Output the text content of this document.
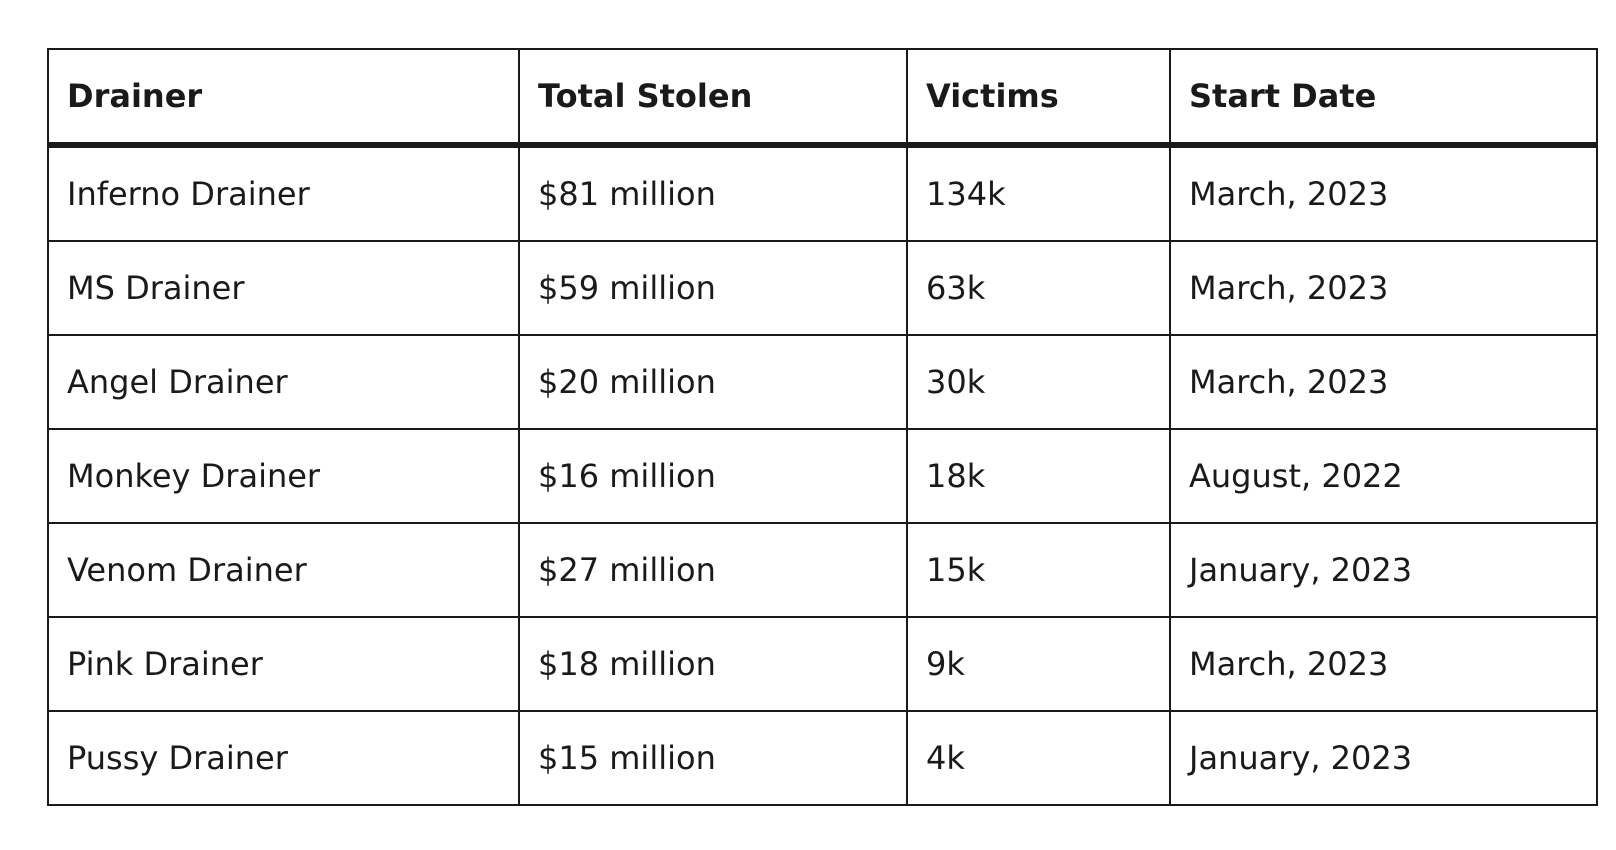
Drainer	Total Stolen	Victims	Start Date
Inferno Drainer	$81 million	134k	March, 2023
MS Drainer	$59 million	63k	March, 2023
Angel Drainer	$20 million	30k	March, 2023
Monkey Drainer	$16 million	18k	August, 2022
Venom Drainer	$27 million	15k	January, 2023
Pink Drainer	$18 million	9k	March, 2023
Pussy Drainer	$15 million	4k	January, 2023
